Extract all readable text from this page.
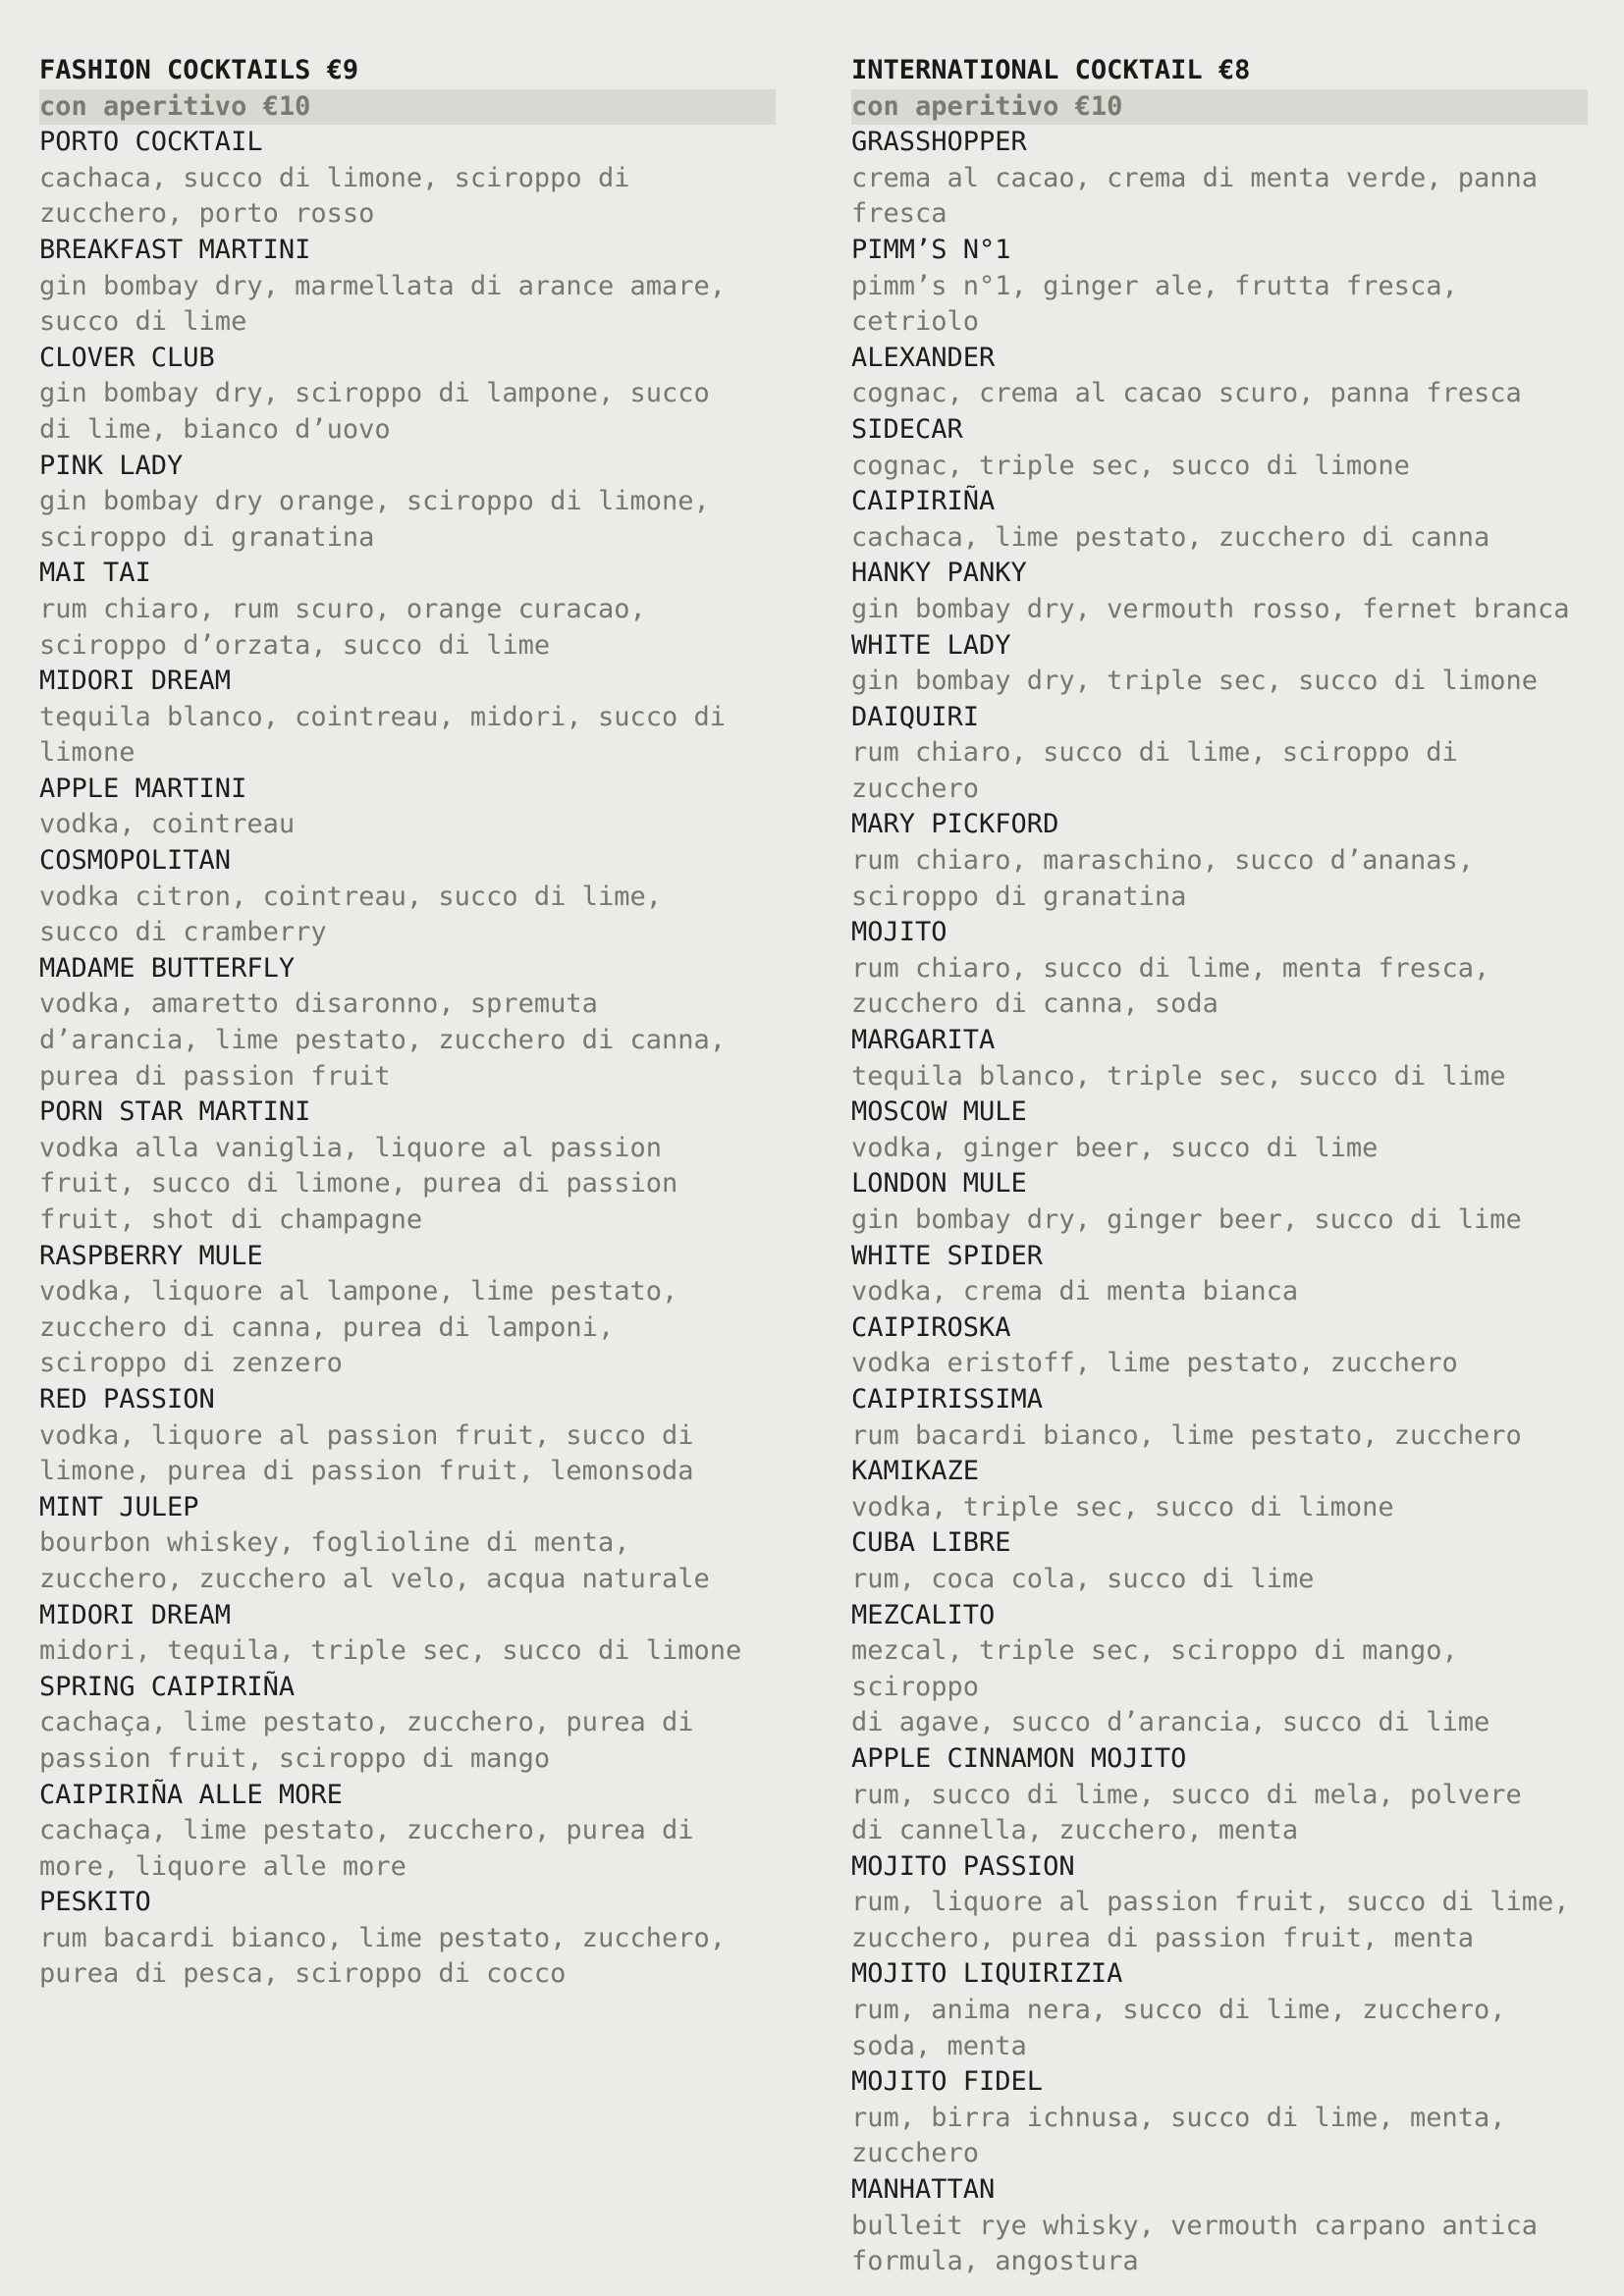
FASHION COCKTAILS €9
con aperitivo €10
PORTO COCKTAIL
cachaca, succo di limone, sciroppo di
zucchero, porto rosso
BREAKFAST MARTINI
gin bombay dry, marmellata di arance amare,
succo di lime
CLOVER CLUB
gin bombay dry, sciroppo di lampone, succo
di lime, bianco d’uovo
PINK LADY
gin bombay dry orange, sciroppo di limone,
sciroppo di granatina
MAI TAI
rum chiaro, rum scuro, orange curacao,
sciroppo d’orzata, succo di lime
MIDORI DREAM
tequila blanco, cointreau, midori, succo di
limone
APPLE MARTINI
vodka, cointreau
COSMOPOLITAN
vodka citron, cointreau, succo di lime,
succo di cramberry
MADAME BUTTERFLY
vodka, amaretto disaronno, spremuta
d’arancia, lime pestato, zucchero di canna,
purea di passion fruit
PORN STAR MARTINI
vodka alla vaniglia, liquore al passion
fruit, succo di limone, purea di passion
fruit, shot di champagne
RASPBERRY MULE
vodka, liquore al lampone, lime pestato,
zucchero di canna, purea di lamponi,
sciroppo di zenzero
RED PASSION
vodka, liquore al passion fruit, succo di
limone, purea di passion fruit, lemonsoda
MINT JULEP
bourbon whiskey, foglioline di menta,
zucchero, zucchero al velo, acqua naturale
MIDORI DREAM
midori, tequila, triple sec, succo di limone
SPRING CAIPIRIÑA
cachaça, lime pestato, zucchero, purea di
passion fruit, sciroppo di mango
CAIPIRIÑA ALLE MORE
cachaça, lime pestato, zucchero, purea di
more, liquore alle more
PESKITO
rum bacardi bianco, lime pestato, zucchero,
purea di pesca, sciroppo di cocco
INTERNATIONAL COCKTAIL €8
con aperitivo €10
GRASSHOPPER
crema al cacao, crema di menta verde, panna
fresca
PIMM’S N°1
pimm’s n°1, ginger ale, frutta fresca, cetriolo
ALEXANDER
cognac, crema al cacao scuro, panna fresca
SIDECAR
cognac, triple sec, succo di limone
CAIPIRIÑA
cachaca, lime pestato, zucchero di canna
HANKY PANKY
gin bombay dry, vermouth rosso, fernet branca
WHITE LADY
gin bombay dry, triple sec, succo di limone
DAIQUIRI
rum chiaro, succo di lime, sciroppo di
zucchero
MARY PICKFORD
rum chiaro, maraschino, succo d’ananas,
sciroppo di granatina
MOJITO
rum chiaro, succo di lime, menta fresca,
zucchero di canna, soda
MARGARITA
tequila blanco, triple sec, succo di lime
MOSCOW MULE
vodka, ginger beer, succo di lime
LONDON MULE
gin bombay dry, ginger beer, succo di lime
WHITE SPIDER
vodka, crema di menta bianca
CAIPIROSKA
vodka eristoff, lime pestato, zucchero
CAIPIRISSIMA
rum bacardi bianco, lime pestato, zucchero
KAMIKAZE
vodka, triple sec, succo di limone
CUBA LIBRE
rum, coca cola, succo di lime
MEZCALITO
mezcal, triple sec, sciroppo di mango, sciroppo
di agave, succo d’arancia, succo di lime
APPLE CINNAMON MOJITO
rum, succo di lime, succo di mela, polvere
di cannella, zucchero, menta
MOJITO PASSION
rum, liquore al passion fruit, succo di lime,
zucchero, purea di passion fruit, menta
MOJITO LIQUIRIZIA
rum, anima nera, succo di lime, zucchero,
soda, menta
MOJITO FIDEL
rum, birra ichnusa, succo di lime, menta,
zucchero
MANHATTAN
bulleit rye whisky, vermouth carpano antica
formula, angostura
